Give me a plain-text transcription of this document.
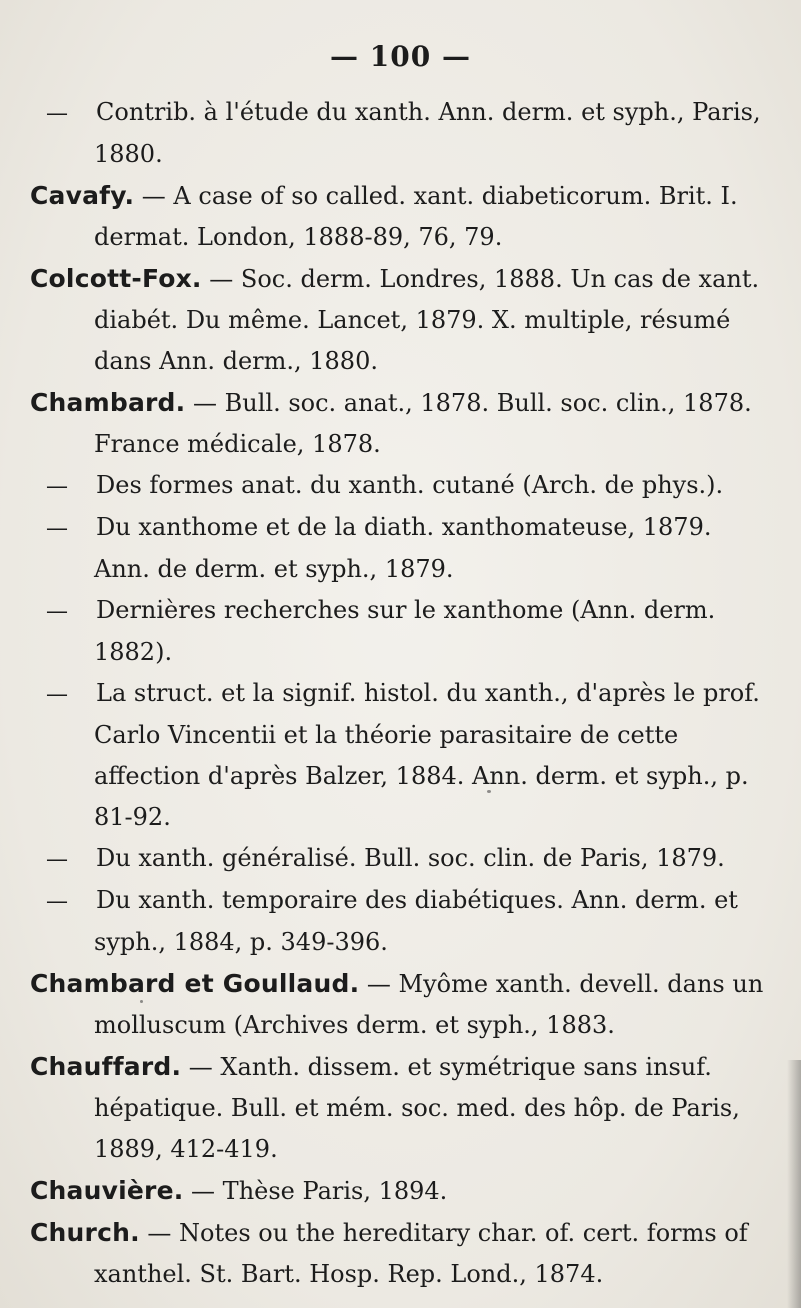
— 100 —

— Contrib. à l'étude du xanth. Ann. derm. et syph., Paris, 1880.

Cavafy. — A case of so called. xant. diabeticorum. Brit. I. dermat. London, 1888-89, 76, 79.

Colcott-Fox. — Soc. derm. Londres, 1888. Un cas de xant. diabét. Du même. Lancet, 1879. X. multiple, résumé dans Ann. derm., 1880.

Chambard. — Bull. soc. anat., 1878. Bull. soc. clin., 1878. France médicale, 1878.

— Des formes anat. du xanth. cutané (Arch. de phys.).

— Du xanthome et de la diath. xanthomateuse, 1879. Ann. de derm. et syph., 1879.

— Dernières recherches sur le xanthome (Ann. derm. 1882).

— La struct. et la signif. histol. du xanth., d'après le prof. Carlo Vincentii et la théorie parasitaire de cette affection d'après Balzer, 1884. Ann. derm. et syph., p. 81-92.

— Du xanth. généralisé. Bull. soc. clin. de Paris, 1879.

— Du xanth. temporaire des diabétiques. Ann. derm. et syph., 1884, p. 349-396.

Chambard et Goullaud. — Myôme xanth. devell. dans un molluscum (Archives derm. et syph., 1883.

Chauffard. — Xanth. dissem. et symétrique sans insuf. hépatique. Bull. et mém. soc. med. des hôp. de Paris, 1889, 412-419.

Chauvière. — Thèse Paris, 1894.

Church. — Notes ou the hereditary char. of. cert. forms of xanthel. St. Bart. Hosp. Rep. Lond., 1874.
